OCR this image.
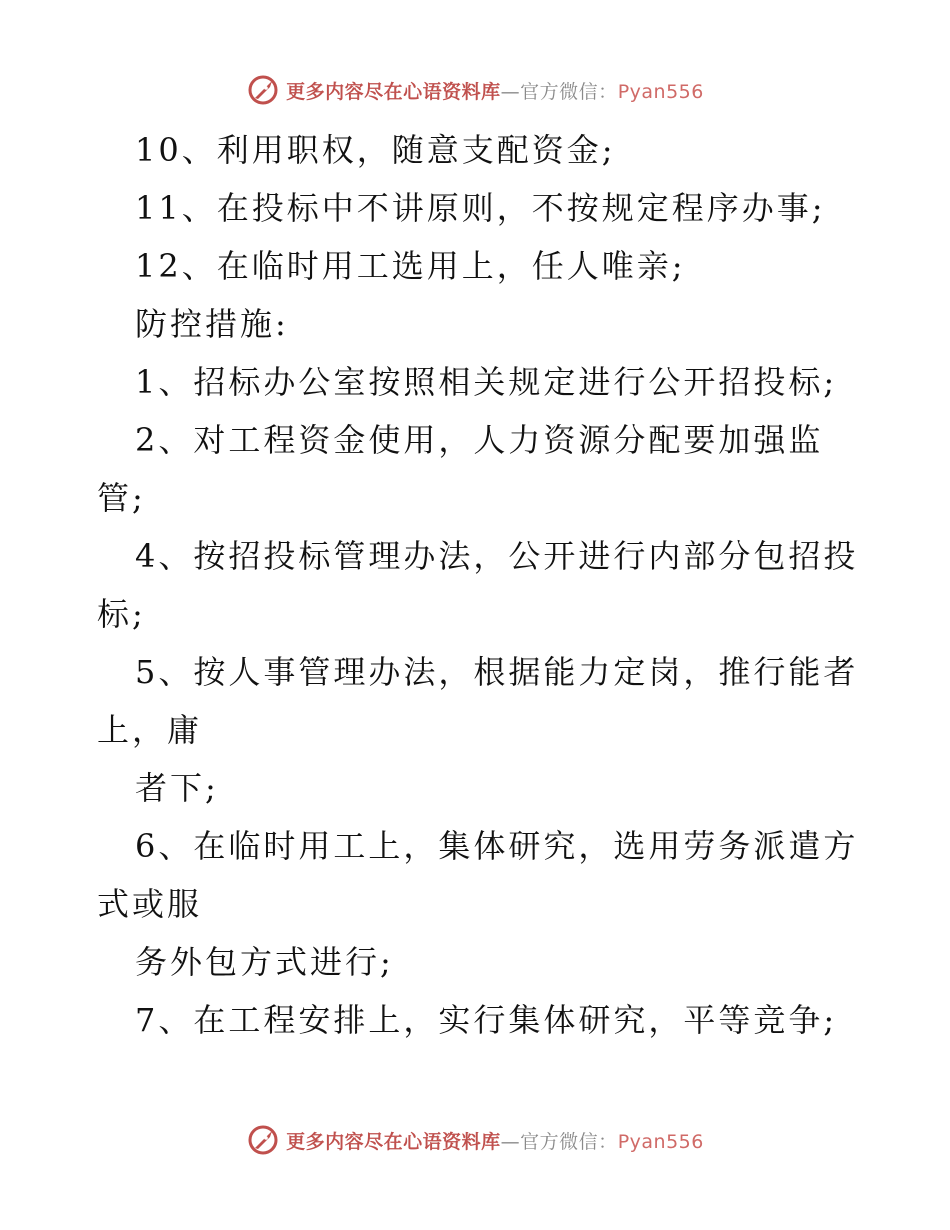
更多内容尽在心语资料库—官方微信：Pyan556
10、利用职权，随意支配资金;
11、在投标中不讲原则，不按规定程序办事;
12、在临时用工选用上，任人唯亲;
防控措施:
1、招标办公室按照相关规定进行公开招投标;
2、对工程资金使用，人力资源分配要加强监
管;
4、按招投标管理办法，公开进行内部分包招投
标;
5、按人事管理办法，根据能力定岗，推行能者
上，庸
者下;
6、在临时用工上，集体研究，选用劳务派遣方
式或服
务外包方式进行;
7、在工程安排上，实行集体研究，平等竞争;
更多内容尽在心语资料库—官方微信：Pyan556
